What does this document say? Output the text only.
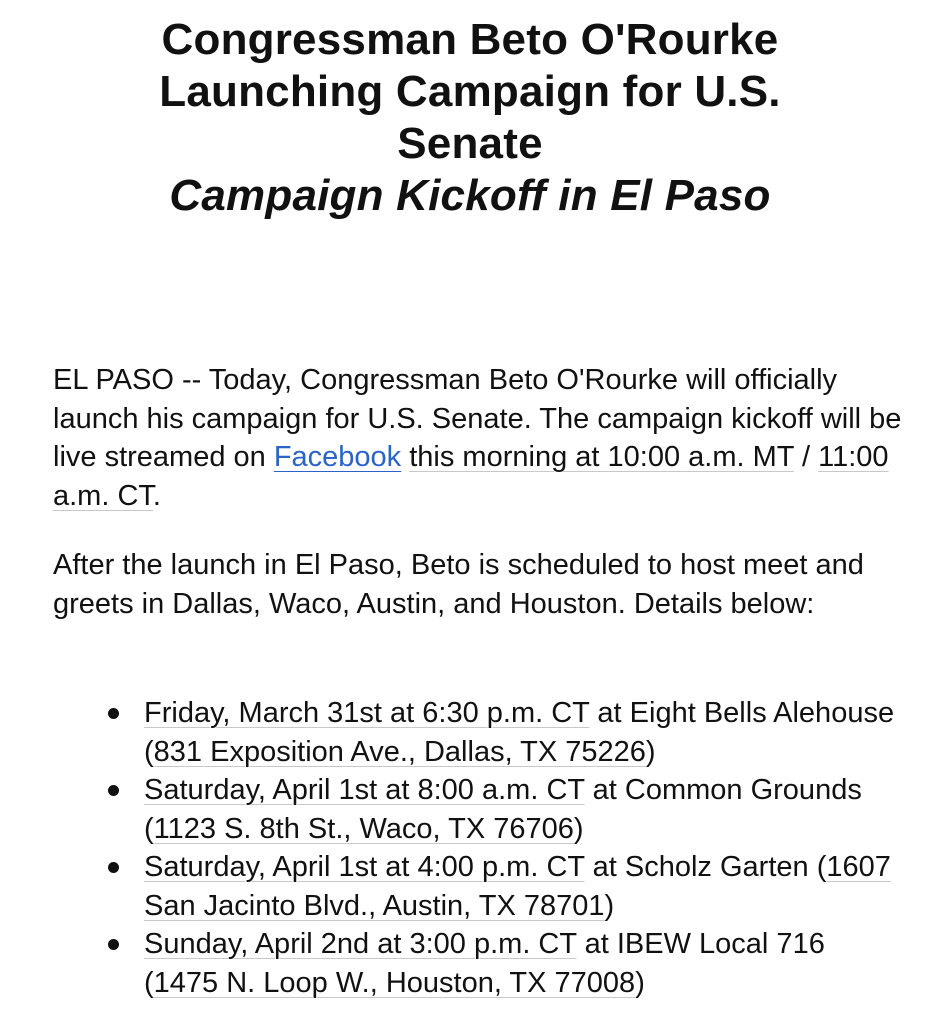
Congressman Beto O'Rourke
Launching Campaign for U.S.
Senate
Campaign Kickoff in El Paso

EL PASO -- Today, Congressman Beto O'Rourke will officially launch his campaign for U.S. Senate. The campaign kickoff will be live streamed on Facebook this morning at 10:00 a.m. MT / 11:00 a.m. CT.

After the launch in El Paso, Beto is scheduled to host meet and greets in Dallas, Waco, Austin, and Houston. Details below:

Friday, March 31st at 6:30 p.m. CT at Eight Bells Alehouse (831 Exposition Ave., Dallas, TX 75226)
Saturday, April 1st at 8:00 a.m. CT at Common Grounds (1123 S. 8th St., Waco, TX 76706)
Saturday, April 1st at 4:00 p.m. CT at Scholz Garten (1607 San Jacinto Blvd., Austin, TX 78701)
Sunday, April 2nd at 3:00 p.m. CT at IBEW Local 716 (1475 N. Loop W., Houston, TX 77008)
